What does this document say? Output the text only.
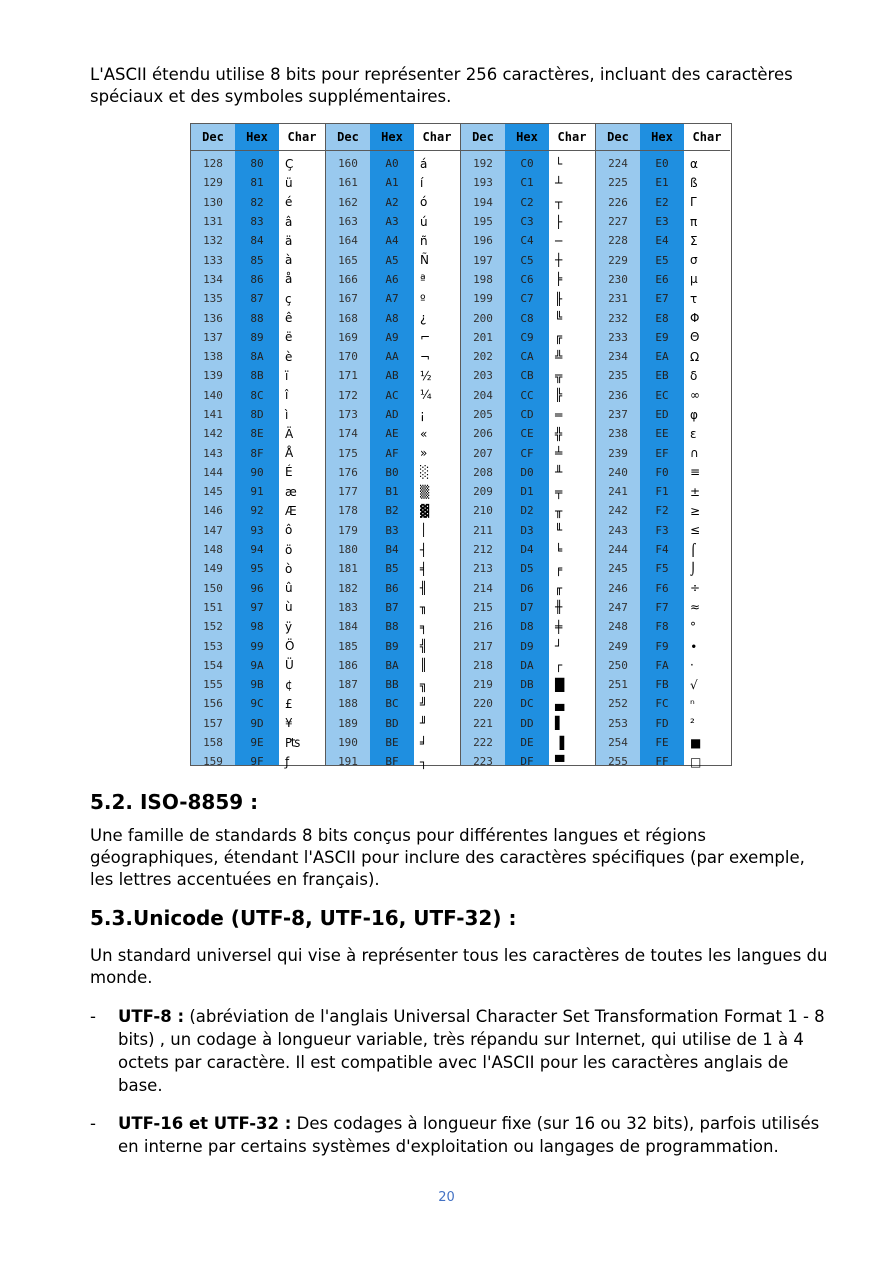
L'ASCII étendu utilise 8 bits pour représenter 256 caractères, incluant des caractères spéciaux et des symboles supplémentaires.

Dec	Hex	Char
128	80	Ç
129	81	ü
130	82	é
131	83	â
132	84	ä
133	85	à
134	86	å
135	87	ç
136	88	ê
137	89	ë
138	8A	è
139	8B	ï
140	8C	î
141	8D	ì
142	8E	Ä
143	8F	Å
144	90	É
145	91	æ
146	92	Æ
147	93	ô
148	94	ö
149	95	ò
150	96	û
151	97	ù
152	98	ÿ
153	99	Ö
154	9A	Ü
155	9B	¢
156	9C	£
157	9D	¥
158	9E	₧
159	9F	ƒ
Dec	Hex	Char
160	A0	á
161	A1	í
162	A2	ó
163	A3	ú
164	A4	ñ
165	A5	Ñ
166	A6	ª
167	A7	º
168	A8	¿
169	A9	⌐
170	AA	¬
171	AB	½
172	AC	¼
173	AD	¡
174	AE	«
175	AF	»
176	B0	░
177	B1	▒
178	B2	▓
179	B3	│
180	B4	┤
181	B5	╡
182	B6	╢
183	B7	╖
184	B8	╕
185	B9	╣
186	BA	║
187	BB	╗
188	BC	╝
189	BD	╜
190	BE	╛
191	BF	┐
Dec	Hex	Char
192	C0	└
193	C1	┴
194	C2	┬
195	C3	├
196	C4	─
197	C5	┼
198	C6	╞
199	C7	╟
200	C8	╚
201	C9	╔
202	CA	╩
203	CB	╦
204	CC	╠
205	CD	═
206	CE	╬
207	CF	╧
208	D0	╨
209	D1	╤
210	D2	╥
211	D3	╙
212	D4	╘
213	D5	╒
214	D6	╓
215	D7	╫
216	D8	╪
217	D9	┘
218	DA	┌
219	DB	█
220	DC	▄
221	DD	▌
222	DE	▐
223	DF	▀
Dec	Hex	Char
224	E0	α
225	E1	ß
226	E2	Γ
227	E3	π
228	E4	Σ
229	E5	σ
230	E6	µ
231	E7	τ
232	E8	Φ
233	E9	Θ
234	EA	Ω
235	EB	δ
236	EC	∞
237	ED	φ
238	EE	ε
239	EF	∩
240	F0	≡
241	F1	±
242	F2	≥
243	F3	≤
244	F4	⌠
245	F5	⌡
246	F6	÷
247	F7	≈
248	F8	°
249	F9	∙
250	FA	·
251	FB	√
252	FC	ⁿ
253	FD	²
254	FE	■
255	FF	□
5.2. ISO-8859 :

Une famille de standards 8 bits conçus pour différentes langues et régions géographiques, étendant l'ASCII pour inclure des caractères spécifiques (par exemple, les lettres accentuées en français).

5.3.Unicode (UTF-8, UTF-16, UTF-32) :

Un standard universel qui vise à représenter tous les caractères de toutes les langues du monde.

- UTF-8 : (abréviation de l'anglais Universal Character Set Transformation Format 1 - 8 bits) , un codage à longueur variable, très répandu sur Internet, qui utilise de 1 à 4 octets par caractère. Il est compatible avec l'ASCII pour les caractères anglais de base.
- UTF-16 et UTF-32 : Des codages à longueur fixe (sur 16 ou 32 bits), parfois utilisés en interne par certains systèmes d'exploitation ou langages de programmation.
20
